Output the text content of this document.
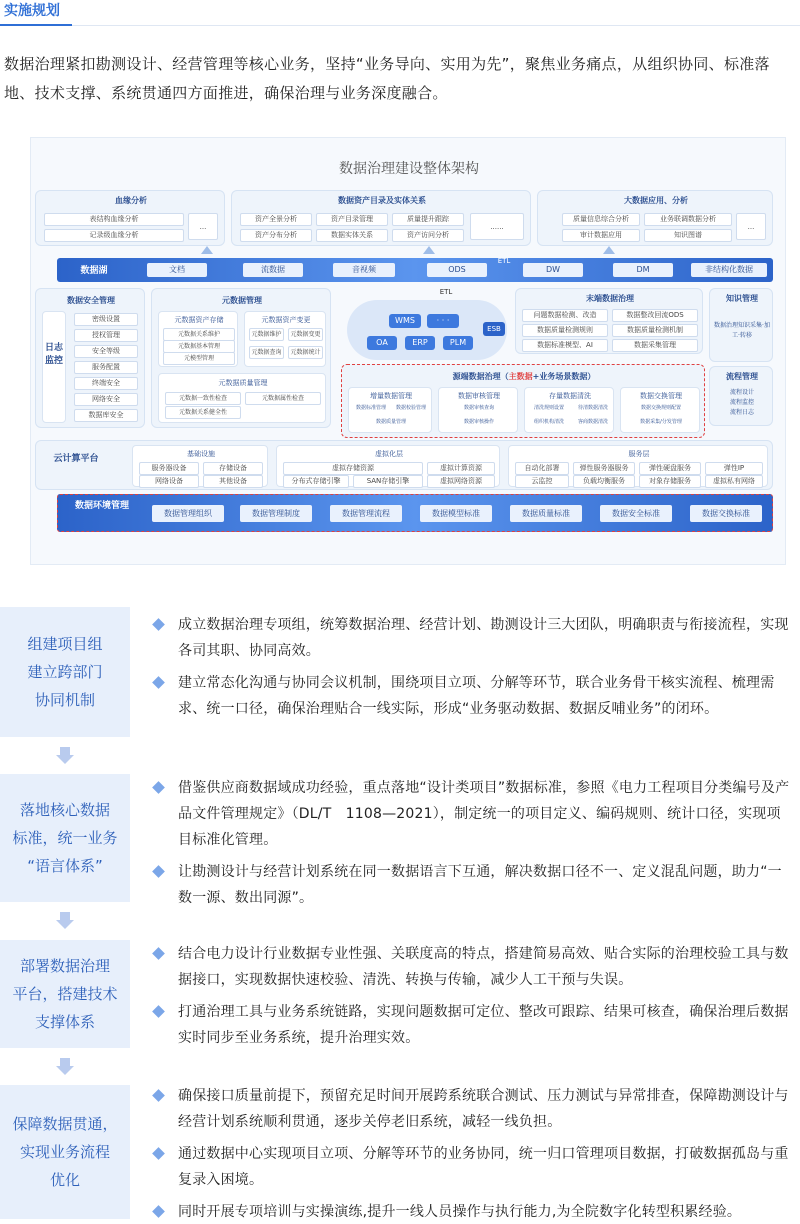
实施规划

数据治理紧扣勘测设计、经营管理等核心业务，坚持“业务导向、实用为先”，聚焦业务痛点，从组织协同、标准落地、技术支撑、系统贯通四方面推进，确保治理与业务深度融合。

数据治理建设整体架构
血缘分析
表结构血缘分析
记录级血缘分析
...
数据资产目录及实体关系
资产全景分析	资产目录管理	质量提升跟踪
资产分布分析	数据实体关系	资产访问分析
......
大数据应用、分析
质量信息综合分析	业务联调数据分析
审计数据应用	知识图谱
...
数据湖	文档	流数据	音视频	ODS	DW	DM	非结构化数据
ETL
数据安全管理
日志监控
密级设置
授权管理
安全等级
服务配置
终端安全
网络安全
数据库安全
元数据管理
元数据资产存储
元数据关系维护
元数据基本管理
元模型管理
元数据资产变更
元数据维护	元数据变更
元数据查询	元数据统计
元数据质量管理
元数据一致性检查	元数据属性检查
元数据关系健全性
ETL
WMS	· · ·
OA	ERP	PLM
ESB
末端数据治理
问题数据检测、改造	数据整改回流ODS
数据质量检测规则	数据质量检测机制
数据标准模型、AI	数据采集管理
知识管理
数据治理知识采集·加工·转移
流程管理
流程设计
流程监控
流程日志
源端数据治理（主数据+业务场景数据）
增量数据管理
数据标准管理	数据校验管理
数据质量管理
数据审核管理
数据审核查询
数据审核操作
存量数据清洗
清洗规则设置	待清数据清洗
组织机构清洗	客商数据清洗
数据交换管理
数据交换规则配置
数据采集/分发管理
云计算平台	基础设施
服务器设备	存储设备
网络设备	其他设备
虚拟化层
虚拟存储资源	虚拟计算资源
分布式存储引擎	SAN存储引擎	虚拟网络资源
服务层
自动化部署	弹性服务器服务	弹性硬盘服务	弹性IP
云监控	负载均衡服务	对象存储服务	虚拟私有网络
数据环境管理
数据管理组织	数据管理制度	数据管理流程	数据模型标准	数据质量标准	数据安全标准	数据交换标准
组建项目组
建立跨部门
协同机制
成立数据治理专项组，统筹数据治理、经营计划、勘测设计三大团队，明确职责与衔接流程，实现各司其职、协同高效。
建立常态化沟通与协同会议机制，围绕项目立项、分解等环节，联合业务骨干核实流程、梳理需求、统一口径，确保治理贴合一线实际，形成“业务驱动数据、数据反哺业务”的闭环。
落地核心数据
标准，统一业务
“语言体系”
借鉴供应商数据域成功经验，重点落地“设计类项目”数据标准，参照《电力工程项目分类编号及产品文件管理规定》（DL/T　1108—2021），制定统一的项目定义、编码规则、统计口径，实现项目标准化管理。
让勘测设计与经营计划系统在同一数据语言下互通，解决数据口径不一、定义混乱问题，助力“一数一源、数出同源”。
部署数据治理
平台，搭建技术
支撑体系
结合电力设计行业数据专业性强、关联度高的特点，搭建简易高效、贴合实际的治理校验工具与数据接口，实现数据快速校验、清洗、转换与传输，减少人工干预与失误。
打通治理工具与业务系统链路，实现问题数据可定位、整改可跟踪、结果可核查，确保治理后数据实时同步至业务系统，提升治理实效。
保障数据贯通，
实现业务流程
优化
确保接口质量前提下，预留充足时间开展跨系统联合测试、压力测试与异常排查，保障勘测设计与经营计划系统顺利贯通，逐步关停老旧系统，减轻一线负担。
通过数据中心实现项目立项、分解等环节的业务协同，统一归口管理项目数据，打破数据孤岛与重复录入困境。
同时开展专项培训与实操演练,提升一线人员操作与执行能力,为全院数字化转型积累经验。
